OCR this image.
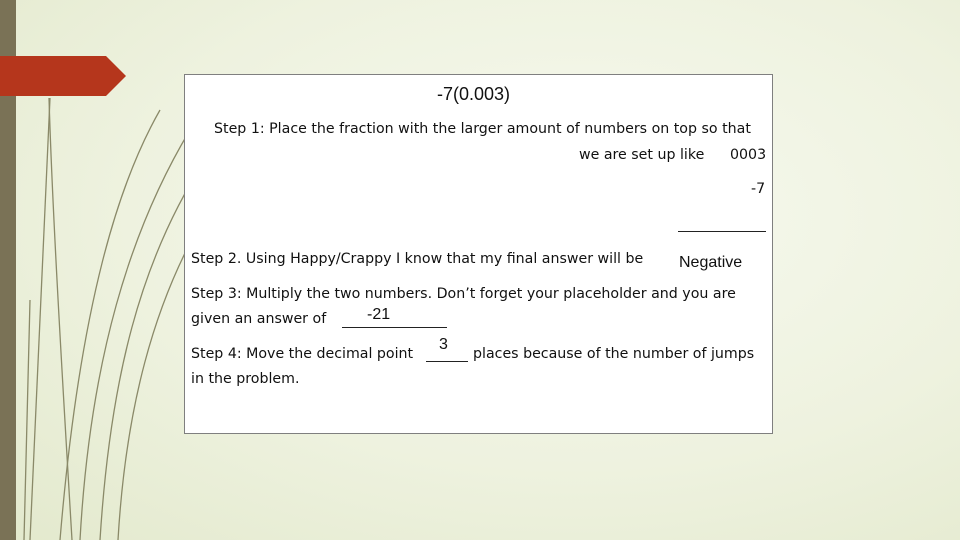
-7(0.003)
Step 1: Place the fraction with the larger amount of numbers on top so that
we are set up like 0003
-7
Step 2. Using Happy/Crappy I know that my final answer will be Negative
Step 3: Multiply the two numbers. Don’t forget your placeholder and you are
given an answer of	-21
Step 4: Move the decimal point
3
places because of the number of jumps
in the problem.
